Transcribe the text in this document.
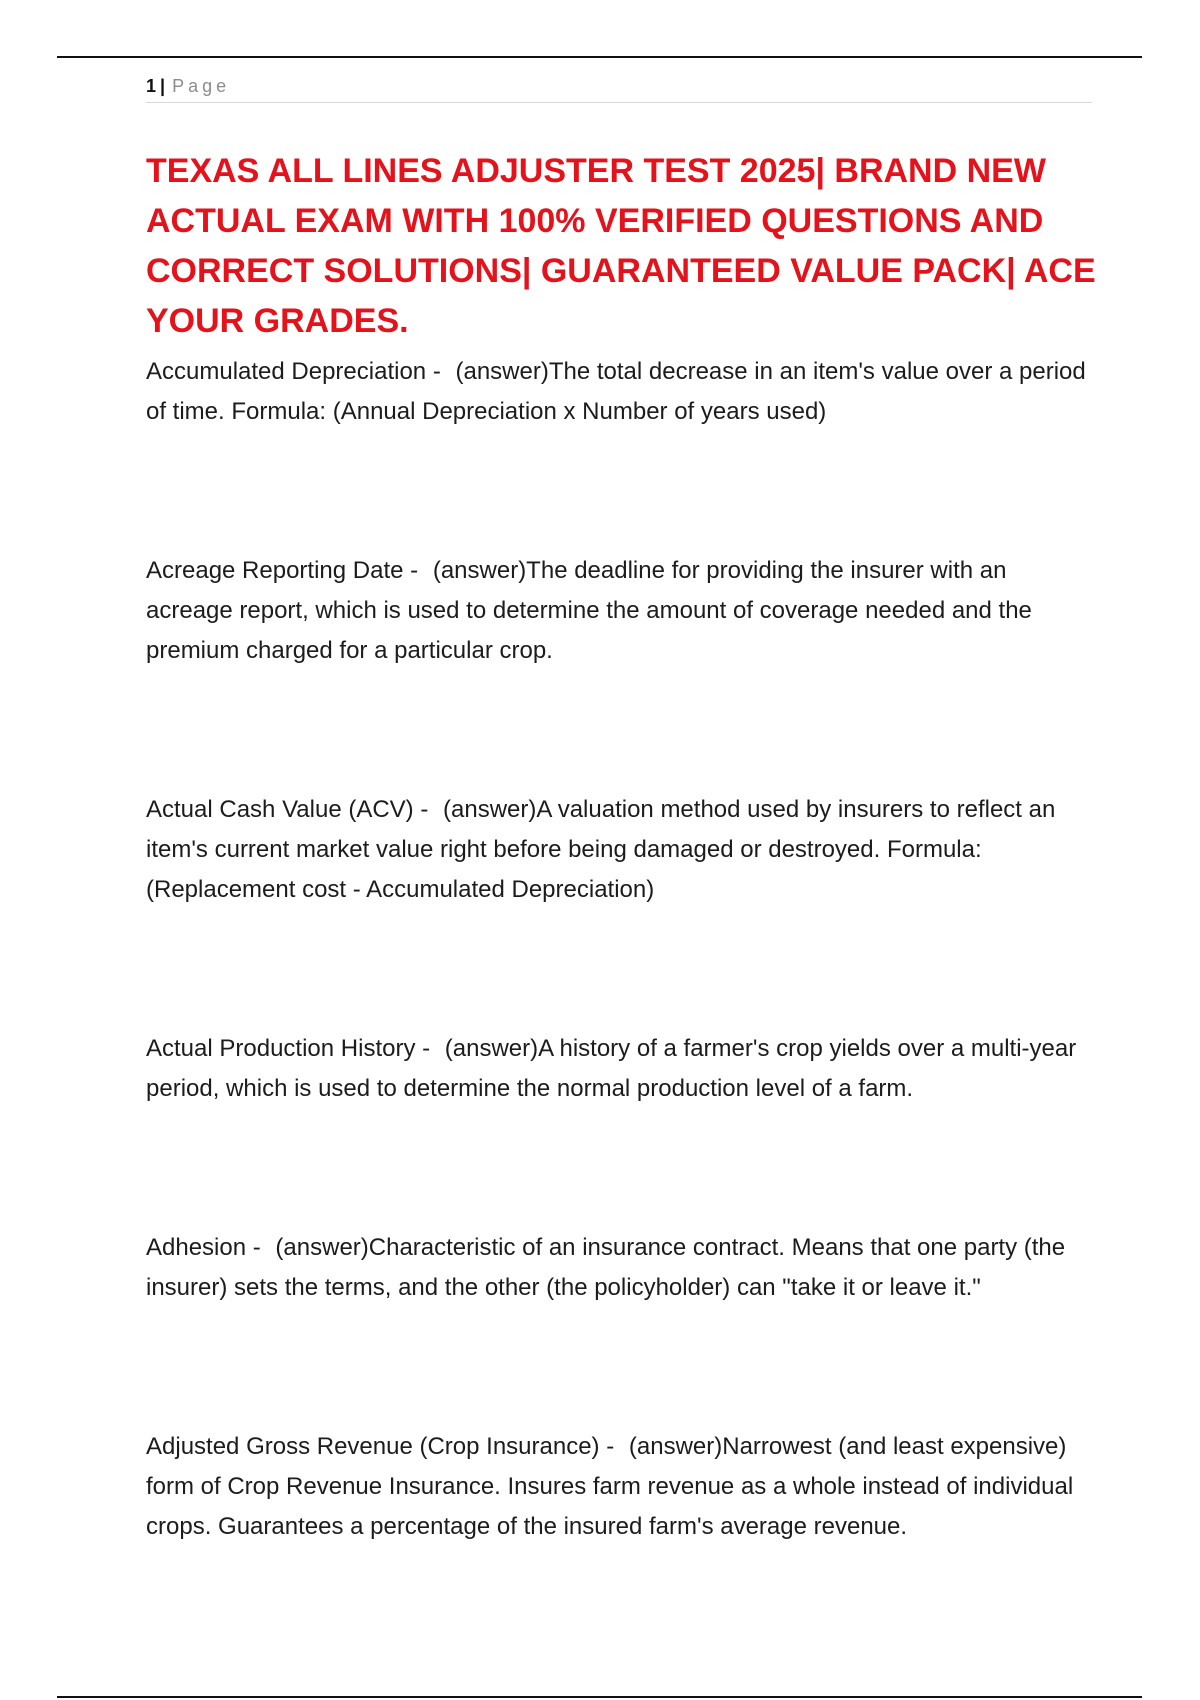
1 | Page
TEXAS ALL LINES ADJUSTER TEST 2025| BRAND NEW ACTUAL EXAM WITH 100% VERIFIED QUESTIONS AND CORRECT SOLUTIONS| GUARANTEED VALUE PACK| ACE YOUR GRADES.

Accumulated Depreciation - (answer)The total decrease in an item's value over a period of time. Formula: (Annual Depreciation x Number of years used)

Acreage Reporting Date - (answer)The deadline for providing the insurer with an acreage report, which is used to determine the amount of coverage needed and the premium charged for a particular crop.

Actual Cash Value (ACV) - (answer)A valuation method used by insurers to reflect an item's current market value right before being damaged or destroyed. Formula: (Replacement cost - Accumulated Depreciation)

Actual Production History - (answer)A history of a farmer's crop yields over a multi-year period, which is used to determine the normal production level of a farm.

Adhesion - (answer)Characteristic of an insurance contract. Means that one party (the insurer) sets the terms, and the other (the policyholder) can "take it or leave it."

Adjusted Gross Revenue (Crop Insurance) - (answer)Narrowest (and least expensive) form of Crop Revenue Insurance. Insures farm revenue as a whole instead of individual crops. Guarantees a percentage of the insured farm's average revenue.
